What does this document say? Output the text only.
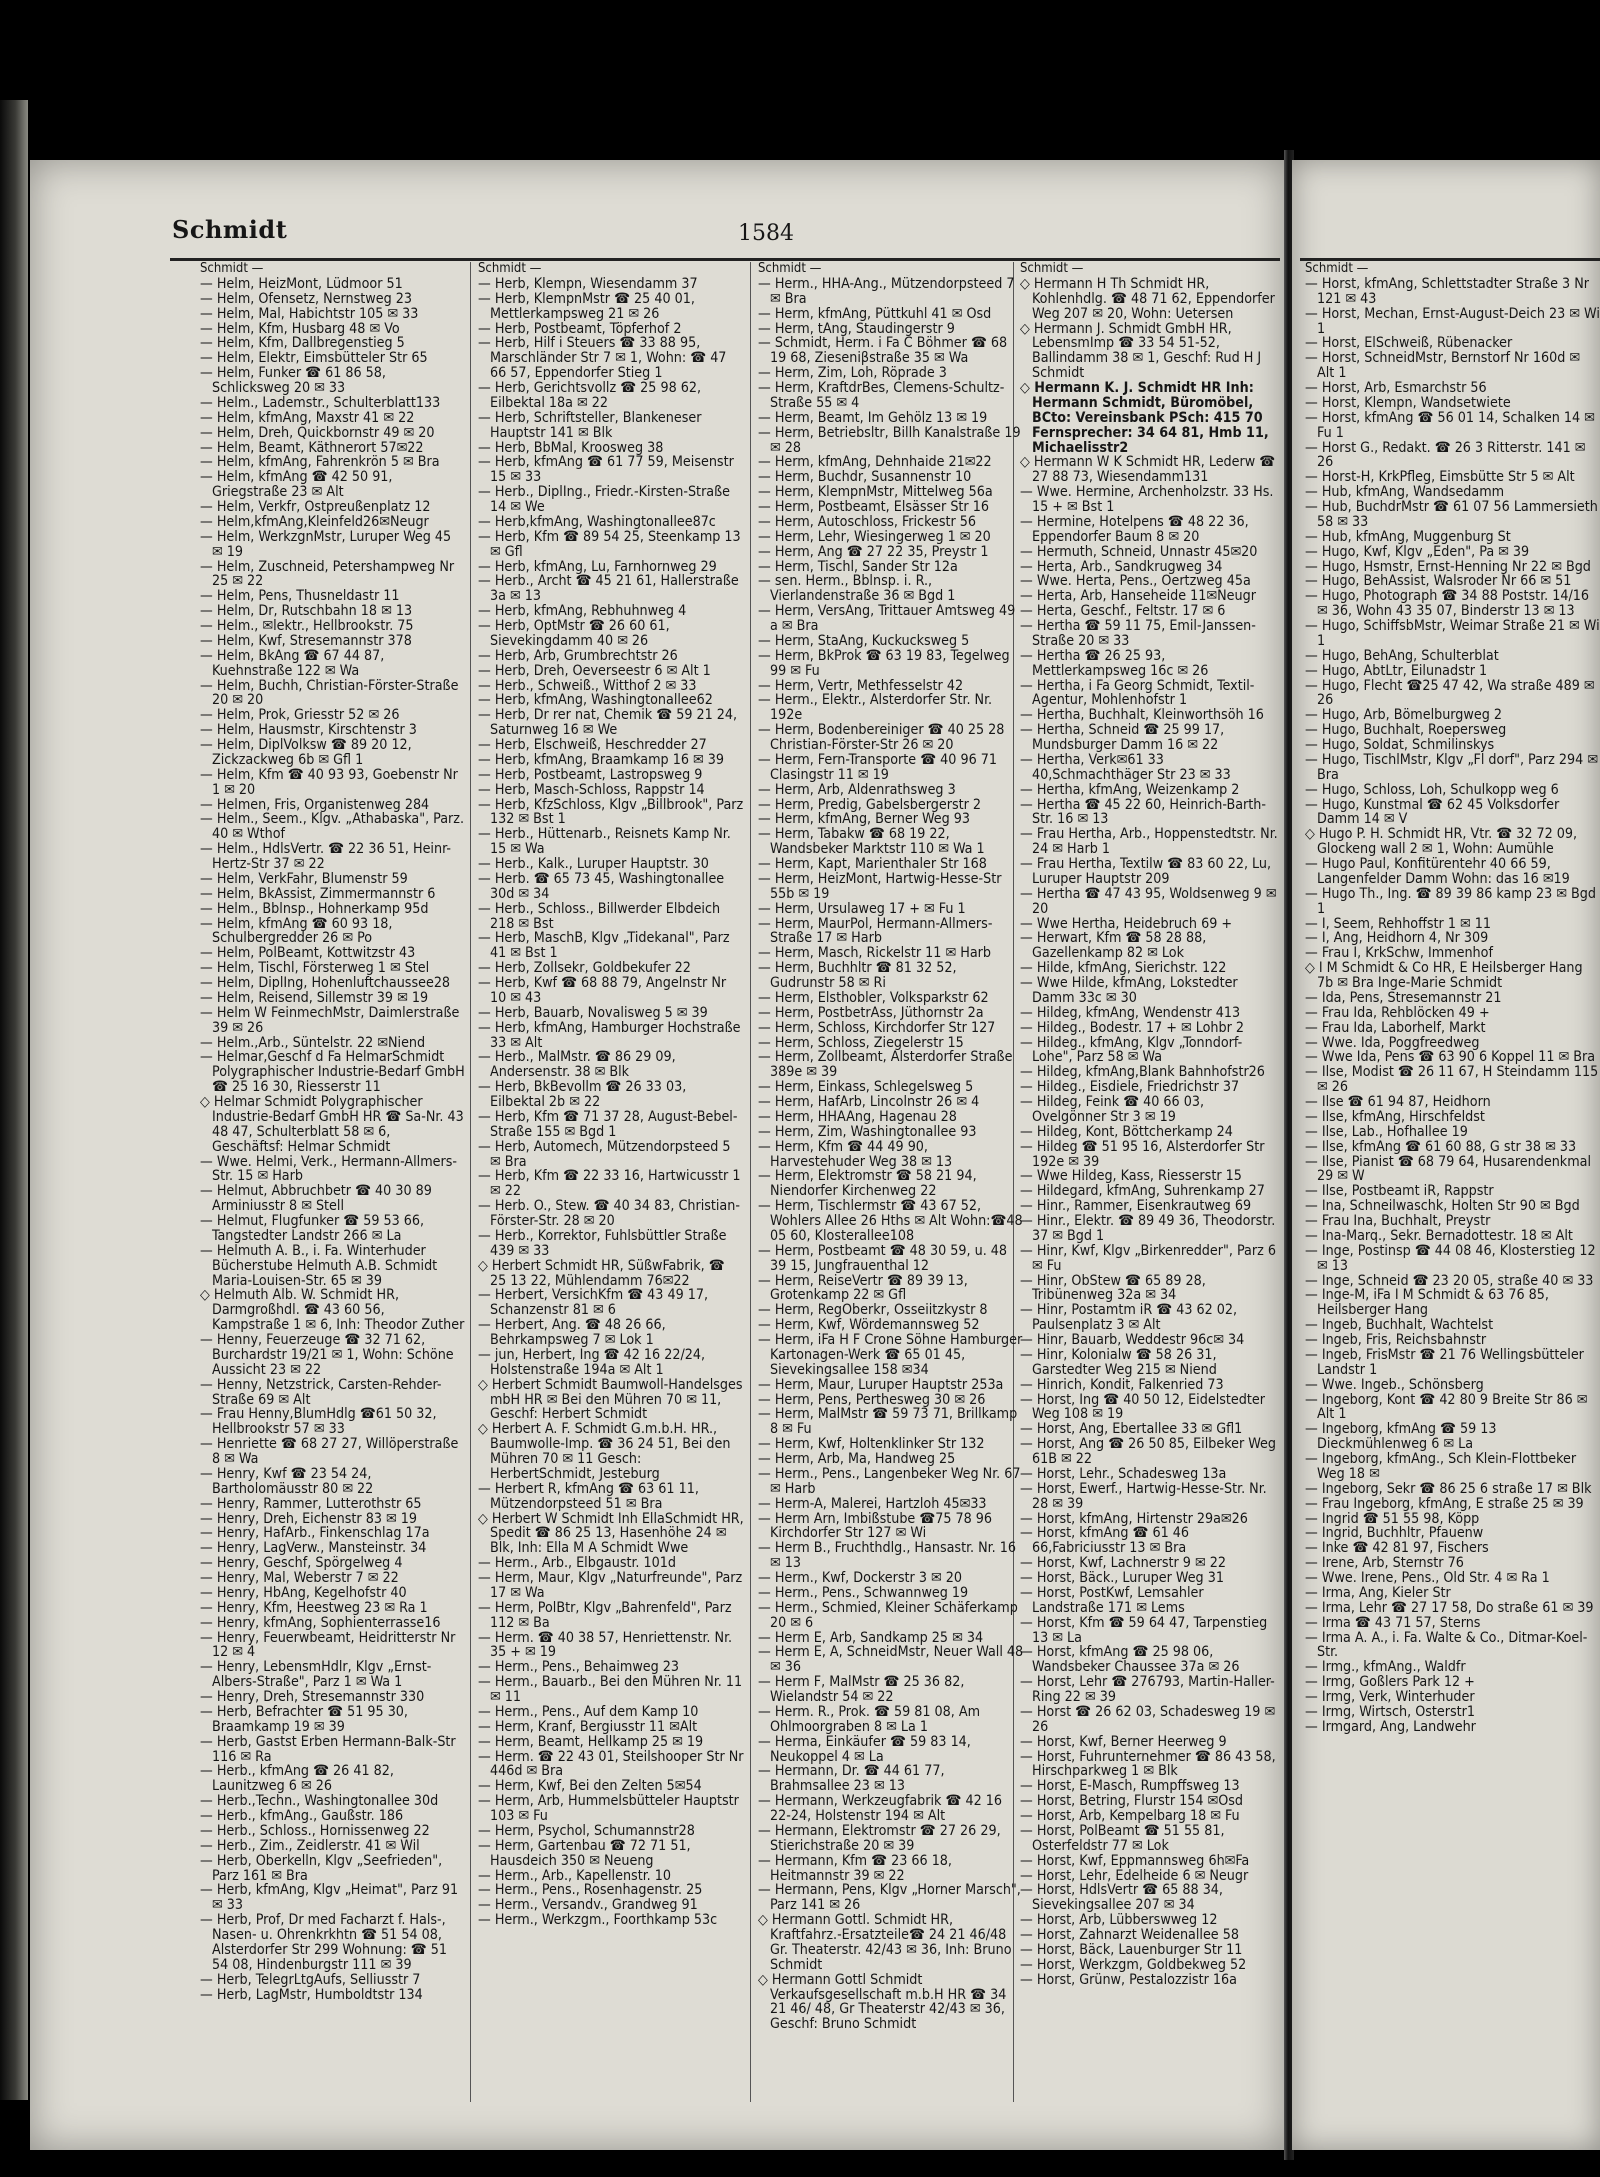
Schmidt	1584
Schmidt —
— Helm, HeizMont, Lüdmoor 51
— Helm, Ofensetz, Nernstweg 23
— Helm, Mal, Habichtstr 105 ✉ 33
— Helm, Kfm, Husbarg 48 ✉ Vo
— Helm, Kfm, Dallbregenstieg 5
— Helm, Elektr, Eimsbütteler Str 65
— Helm, Funker ☎ 61 86 58, Schlicksweg 20 ✉ 33
— Helm., Lademstr., Schulterblatt133
— Helm, kfmAng, Maxstr 41 ✉ 22
— Helm, Dreh, Quickbornstr 49 ✉ 20
— Helm, Beamt, Käthnerort 57✉22
— Helm, kfmAng, Fahrenkrön 5 ✉ Bra
— Helm, kfmAng ☎ 42 50 91, Griegstraße 23 ✉ Alt
— Helm, Verkfr, Ostpreußenplatz 12
— Helm,kfmAng,Kleinfeld26✉Neugr
— Helm, WerkzgnMstr, Luruper Weg 45 ✉ 19
— Helm, Zuschneid, Petershampweg Nr 25 ✉ 22
— Helm, Pens, Thusneldastr 11
— Helm, Dr, Rutschbahn 18 ✉ 13
— Helm., ✉lektr., Hellbrookstr. 75
— Helm, Kwf, Stresemannstr 378
— Helm, BkAng ☎ 67 44 87, Kuehnstraße 122 ✉ Wa
— Helm, Buchh, Christian-Förster-Straße 20 ✉ 20
— Helm, Prok, Griesstr 52 ✉ 26
— Helm, Hausmstr, Kirschtenstr 3
— Helm, DiplVolksw ☎ 89 20 12, Zickzackweg 6b ✉ Gfl 1
— Helm, Kfm ☎ 40 93 93, Goebenstr Nr 1 ✉ 20
— Helmen, Fris, Organistenweg 284
— Helm., Seem., Klgv. „Athabaska", Parz. 40 ✉ Wthof
— Helm., HdlsVertr. ☎ 22 36 51, Heinr-Hertz-Str 37 ✉ 22
— Helm, VerkFahr, Blumenstr 59
— Helm, BkAssist, Zimmermannstr 6
— Helm., Bblnsp., Hohnerkamp 95d
— Helm, kfmAng ☎ 60 93 18, Schulbergredder 26 ✉ Po
— Helm, PolBeamt, Kottwitzstr 43
— Helm, Tischl, Försterweg 1 ✉ Stel
— Helm, DiplIng, Hohenluftchaussee28
— Helm, Reisend, Sillemstr 39 ✉ 19
— Helm W FeinmechMstr, Daimlerstraße 39 ✉ 26
— Helm.,Arb., Süntelstr. 22 ✉Niend
— Helmar,Geschf d Fa HelmarSchmidt Polygraphischer Industrie-Bedarf GmbH ☎ 25 16 30, Riesserstr 11
◇ Helmar Schmidt Polygraphischer Industrie-Bedarf GmbH HR ☎ Sa-Nr. 43 48 47, Schulterblatt 58 ✉ 6, Geschäftsf: Helmar Schmidt
— Wwe. Helmi, Verk., Hermann-Allmers-Str. 15 ✉ Harb
— Helmut, Abbruchbetr ☎ 40 30 89 Arminiusstr 8 ✉ Stell
— Helmut, Flugfunker ☎ 59 53 66, Tangstedter Landstr 266 ✉ La
— Helmuth A. B., i. Fa. Winterhuder Bücherstube Helmuth A.B. Schmidt Maria-Louisen-Str. 65 ✉ 39
◇ Helmuth Alb. W. Schmidt HR, Darmgroßhdl. ☎ 43 60 56, Kampstraße 1 ✉ 6, Inh: Theodor Zuther
— Henny, Feuerzeuge ☎ 32 71 62, Burchardstr 19/21 ✉ 1, Wohn: Schöne Aussicht 23 ✉ 22
— Henny, Netzstrick, Carsten-Rehder-Straße 69 ✉ Alt
— Frau Henny,BlumHdlg ☎61 50 32, Hellbrookstr 57 ✉ 33
— Henriette ☎ 68 27 27, Willöperstraße 8 ✉ Wa
— Henry, Kwf ☎ 23 54 24, Bartholomäusstr 80 ✉ 22
— Henry, Rammer, Lutterothstr 65
— Henry, Dreh, Eichenstr 83 ✉ 19
— Henry, HafArb., Finkenschlag 17a
— Henry, LagVerw., Mansteinstr. 34
— Henry, Geschf, Spörgelweg 4
— Henry, Mal, Weberstr 7 ✉ 22
— Henry, HbAng, Kegelhofstr 40
— Henry, Kfm, Heestweg 23 ✉ Ra 1
— Henry, kfmAng, Sophienterrasse16
— Henry, Feuerwbeamt, Heidritterstr Nr 12 ✉ 4
— Henry, LebensmHdlr, Klgv „Ernst-Albers-Straße", Parz 1 ✉ Wa 1
— Henry, Dreh, Stresemannstr 330
— Herb, Befrachter ☎ 51 95 30, Braamkamp 19 ✉ 39
— Herb, Gastst Erben Hermann-Balk-Str 116 ✉ Ra
— Herb., kfmAng ☎ 26 41 82, Launitzweg 6 ✉ 26
— Herb.,Techn., Washingtonallee 30d
— Herb., kfmAng., Gaußstr. 186
— Herb., Schloss., Hornissenweg 22
— Herb., Zim., Zeidlerstr. 41 ✉ Wil
— Herb, Oberkelln, Klgv „Seefrieden", Parz 161 ✉ Bra
— Herb, kfmAng, Klgv „Heimat", Parz 91 ✉ 33
— Herb, Prof, Dr med Facharzt f. Hals-, Nasen- u. Ohrenkrkhtn ☎ 51 54 08, Alsterdorfer Str 299 Wohnung: ☎ 51 54 08, Hindenburgstr 111 ✉ 39
— Herb, TelegrLtgAufs, Selliusstr 7
— Herb, LagMstr, Humboldtstr 134
Schmidt —
— Herb, Klempn, Wiesendamm 37
— Herb, KlempnMstr ☎ 25 40 01, Mettlerkampsweg 21 ✉ 26
— Herb, Postbeamt, Töpferhof 2
— Herb, Hilf i Steuers ☎ 33 88 95, Marschländer Str 7 ✉ 1, Wohn: ☎ 47 66 57, Eppendorfer Stieg 1
— Herb, Gerichtsvollz ☎ 25 98 62, Eilbektal 18a ✉ 22
— Herb, Schriftsteller, Blankeneser Hauptstr 141 ✉ Blk
— Herb, BbMal, Kroosweg 38
— Herb, kfmAng ☎ 61 77 59, Meisenstr 15 ✉ 33
— Herb., DiplIng., Friedr.-Kirsten-Straße 14 ✉ We
— Herb,kfmAng, Washingtonallee87c
— Herb, Kfm ☎ 89 54 25, Steenkamp 13 ✉ Gfl
— Herb, kfmAng, Lu, Farnhornweg 29
— Herb., Archt ☎ 45 21 61, Hallerstraße 3a ✉ 13
— Herb, kfmAng, Rebhuhnweg 4
— Herb, OptMstr ☎ 26 60 61, Sievekingdamm 40 ✉ 26
— Herb, Arb, Grumbrechtstr 26
— Herb, Dreh, Oeverseestr 6 ✉ Alt 1
— Herb., Schweiß., Witthof 2 ✉ 33
— Herb, kfmAng, Washingtonallee62
— Herb, Dr rer nat, Chemik ☎ 59 21 24, Saturnweg 16 ✉ We
— Herb, Elschweiß, Heschredder 27
— Herb, kfmAng, Braamkamp 16 ✉ 39
— Herb, Postbeamt, Lastropsweg 9
— Herb, Masch-Schloss, Rappstr 14
— Herb, KfzSchloss, Klgv „Billbrook", Parz 132 ✉ Bst 1
— Herb., Hüttenarb., Reisnets Kamp Nr. 15 ✉ Wa
— Herb., Kalk., Luruper Hauptstr. 30
— Herb. ☎ 65 73 45, Washingtonallee 30d ✉ 34
— Herb., Schloss., Billwerder Elbdeich 218 ✉ Bst
— Herb, MaschB, Klgv „Tidekanal", Parz 41 ✉ Bst 1
— Herb, Zollsekr, Goldbekufer 22
— Herb, Kwf ☎ 68 88 79, Angelnstr Nr 10 ✉ 43
— Herb, Bauarb, Novalisweg 5 ✉ 39
— Herb, kfmAng, Hamburger Hochstraße 33 ✉ Alt
— Herb., MalMstr. ☎ 86 29 09, Andersenstr. 38 ✉ Blk
— Herb, BkBevollm ☎ 26 33 03, Eilbektal 2b ✉ 22
— Herb, Kfm ☎ 71 37 28, August-Bebel-Straße 155 ✉ Bgd 1
— Herb, Automech, Mützendorpsteed 5 ✉ Bra
— Herb, Kfm ☎ 22 33 16, Hartwicusstr 1 ✉ 22
— Herb. O., Stew. ☎ 40 34 83, Christian-Förster-Str. 28 ✉ 20
— Herb., Korrektor, Fuhlsbüttler Straße 439 ✉ 33
◇ Herbert Schmidt HR, SüßwFabrik, ☎ 25 13 22, Mühlendamm 76✉22
— Herbert, VersichKfm ☎ 43 49 17, Schanzenstr 81 ✉ 6
— Herbert, Ang. ☎ 48 26 66, Behrkampsweg 7 ✉ Lok 1
— jun, Herbert, Ing ☎ 42 16 22/24, Holstenstraße 194a ✉ Alt 1
◇ Herbert Schmidt Baumwoll-Handelsges mbH HR ✉ Bei den Mühren 70 ✉ 11, Geschf: Herbert Schmidt
◇ Herbert A. F. Schmidt G.m.b.H. HR., Baumwolle-Imp. ☎ 36 24 51, Bei den Mühren 70 ✉ 11 Gesch: HerbertSchmidt, Jesteburg
— Herbert R, kfmAng ☎ 63 61 11, Mützendorpsteed 51 ✉ Bra
◇ Herbert W Schmidt Inh EllaSchmidt HR, Spedit ☎ 86 25 13, Hasenhöhe 24 ✉ Blk, Inh: Ella M A Schmidt Wwe
— Herm., Arb., Elbgaustr. 101d
— Herm, Maur, Klgv „Naturfreunde", Parz 17 ✉ Wa
— Herm, PolBtr, Klgv „Bahrenfeld", Parz 112 ✉ Ba
— Herm. ☎ 40 38 57, Henriettenstr. Nr. 35 + ✉ 19
— Herm., Pens., Behaimweg 23
— Herm., Bauarb., Bei den Mühren Nr. 11 ✉ 11
— Herm., Pens., Auf dem Kamp 10
— Herm, Kranf, Bergiusstr 11 ✉Alt
— Herm, Beamt, Hellkamp 25 ✉ 19
— Herm. ☎ 22 43 01, Steilshooper Str Nr 446d ✉ Bra
— Herm, Kwf, Bei den Zelten 5✉54
— Herm, Arb, Hummelsbütteler Hauptstr 103 ✉ Fu
— Herm, Psychol, Schumannstr28
— Herm, Gartenbau ☎ 72 71 51, Hausdeich 350 ✉ Neueng
— Herm., Arb., Kapellenstr. 10
— Herm., Pens., Rosenhagenstr. 25
— Herm., Versandv., Grandweg 91
— Herm., Werkzgm., Foorthkamp 53c
Schmidt —
— Herm., HHA-Ang., Mützendorpsteed 7 ✉ Bra
— Herm, kfmAng, Püttkuhl 41 ✉ Osd
— Herm, tAng, Staudingerstr 9
— Schmidt, Herm. i Fa C Böhmer ☎ 68 19 68, Zieseniβstraße 35 ✉ Wa
— Herm, Zim, Loh, Röprade 3
— Herm, KraftdrBes, Clemens-Schultz-Straße 55 ✉ 4
— Herm, Beamt, Im Gehölz 13 ✉ 19
— Herm, Betriebsltr, Billh Kanalstraße 19 ✉ 28
— Herm, kfmAng, Dehnhaide 21✉22
— Herm, Buchdr, Susannenstr 10
— Herm, KlempnMstr, Mittelweg 56a
— Herm, Postbeamt, Elsässer Str 16
— Herm, Autoschloss, Frickestr 56
— Herm, Lehr, Wiesingerweg 1 ✉ 20
— Herm, Ang ☎ 27 22 35, Preystr 1
— Herm, Tischl, Sander Str 12a
— sen. Herm., Bblnsp. i. R., Vierlandenstraße 36 ✉ Bgd 1
— Herm, VersAng, Trittauer Amtsweg 49 a ✉ Bra
— Herm, StaAng, Kuckucksweg 5
— Herm, BkProk ☎ 63 19 83, Tegelweg 99 ✉ Fu
— Herm, Vertr, Methfesselstr 42
— Herm., Elektr., Alsterdorfer Str. Nr. 192e
— Herm, Bodenbereiniger ☎ 40 25 28 Christian-Förster-Str 26 ✉ 20
— Herm, Fern-Transporte ☎ 40 96 71 Clasingstr 11 ✉ 19
— Herm, Arb, Aldenrathsweg 3
— Herm, Predig, Gabelsbergerstr 2
— Herm, kfmAng, Berner Weg 93
— Herm, Tabakw ☎ 68 19 22, Wandsbeker Marktstr 110 ✉ Wa 1
— Herm, Kapt, Marienthaler Str 168
— Herm, HeizMont, Hartwig-Hesse-Str 55b ✉ 19
— Herm, Ursulaweg 17 + ✉ Fu 1
— Herm, MaurPol, Hermann-Allmers-Straße 17 ✉ Harb
— Herm, Masch, Rickelstr 11 ✉ Harb
— Herm, Buchhltr ☎ 81 32 52, Gudrunstr 58 ✉ Ri
— Herm, Elsthobler, Volksparkstr 62
— Herm, PostbetrAss, Jüthornstr 2a
— Herm, Schloss, Kirchdorfer Str 127
— Herm, Schloss, Ziegelerstr 15
— Herm, Zollbeamt, Alsterdorfer Straße 389e ✉ 39
— Herm, Einkass, Schlegelsweg 5
— Herm, HafArb, Lincolnstr 26 ✉ 4
— Herm, HHAAng, Hagenau 28
— Herm, Zim, Washingtonallee 93
— Herm, Kfm ☎ 44 49 90, Harvestehuder Weg 38 ✉ 13
— Herm, Elektromstr ☎ 58 21 94, Niendorfer Kirchenweg 22
— Herm, Tischlermstr ☎ 43 67 52, Wohlers Allee 26 Hths ✉ Alt Wohn:☎48 05 60, Klosterallee108
— Herm, Postbeamt ☎ 48 30 59, u. 48 39 15, Jungfrauenthal 12
— Herm, ReiseVertr ☎ 89 39 13, Grotenkamp 22 ✉ Gfl
— Herm, RegOberkr, Osseiitzkystr 8
— Herm, Kwf, Wördemannsweg 52
— Herm, iFa H F Crone Söhne Hamburger Kartonagen-Werk ☎ 65 01 45, Sievekingsallee 158 ✉34
— Herm, Maur, Luruper Hauptstr 253a
— Herm, Pens, Perthesweg 30 ✉ 26
— Herm, MalMstr ☎ 59 73 71, Brillkamp 8 ✉ Fu
— Herm, Kwf, Holtenklinker Str 132
— Herm, Arb, Ma, Handweg 25
— Herm., Pens., Langenbeker Weg Nr. 67 ✉ Harb
— Herm-A, Malerei, Hartzloh 45✉33
— Herm Arn, Imbißstube ☎75 78 96 Kirchdorfer Str 127 ✉ Wi
— Herm B., Fruchthdlg., Hansastr. Nr. 16 ✉ 13
— Herm., Kwf, Dockerstr 3 ✉ 20
— Herm., Pens., Schwannweg 19
— Herm., Schmied, Kleiner Schäferkamp 20 ✉ 6
— Herm E, Arb, Sandkamp 25 ✉ 34
— Herm E, A, SchneidMstr, Neuer Wall 48 ✉ 36
— Herm F, MalMstr ☎ 25 36 82, Wielandstr 54 ✉ 22
— Herm. R., Prok. ☎ 59 81 08, Am Ohlmoorgraben 8 ✉ La 1
— Herma, Einkäufer ☎ 59 83 14, Neukoppel 4 ✉ La
— Hermann, Dr. ☎ 44 61 77, Brahmsallee 23 ✉ 13
— Hermann, Werkzeugfabrik ☎ 42 16 22-24, Holstenstr 194 ✉ Alt
— Hermann, Elektromstr ☎ 27 26 29, Stierichstraße 20 ✉ 39
— Hermann, Kfm ☎ 23 66 18, Heitmannstr 39 ✉ 22
— Hermann, Pens, Klgv „Horner Marsch", Parz 141 ✉ 26
◇ Hermann Gottl. Schmidt HR, Kraftfahrz.-Ersatzteile☎ 24 21 46/48 Gr. Theaterstr. 42/43 ✉ 36, Inh: Bruno Schmidt
◇ Hermann Gottl Schmidt Verkaufsgesellschaft m.b.H HR ☎ 34 21 46/ 48, Gr Theaterstr 42/43 ✉ 36, Geschf: Bruno Schmidt
Schmidt —
◇ Hermann H Th Schmidt HR, Kohlenhdlg. ☎ 48 71 62, Eppendorfer Weg 207 ✉ 20, Wohn: Uetersen
◇ Hermann J. Schmidt GmbH HR, LebensmImp ☎ 33 54 51-52, Ballindamm 38 ✉ 1, Geschf: Rud H J Schmidt
◇ Hermann K. J. Schmidt HR Inh: Hermann Schmidt, Büromöbel, BCto: Vereinsbank PSch: 415 70 Fernsprecher: 34 64 81, Hmb 11, Michaelisstr2
◇ Hermann W K Schmidt HR, Lederw ☎ 27 88 73, Wiesendamm131
— Wwe. Hermine, Archenholzstr. 33 Hs. 15 + ✉ Bst 1
— Hermine, Hotelpens ☎ 48 22 36, Eppendorfer Baum 8 ✉ 20
— Hermuth, Schneid, Unnastr 45✉20
— Herta, Arb., Sandkrugweg 34
— Wwe. Herta, Pens., Oertzweg 45a
— Herta, Arb, Hanseheide 11✉Neugr
— Herta, Geschf., Feltstr. 17 ✉ 6
— Hertha ☎ 59 11 75, Emil-Janssen-Straße 20 ✉ 33
— Hertha ☎ 26 25 93, Mettlerkampsweg 16c ✉ 26
— Hertha, i Fa Georg Schmidt, Textil-Agentur, Mohlenhofstr 1
— Hertha, Buchhalt, Kleinworthsöh 16
— Hertha, Schneid ☎ 25 99 17, Mundsburger Damm 16 ✉ 22
— Hertha, Verk✉61 33 40,Schmachthäger Str 23 ✉ 33
— Hertha, kfmAng, Weizenkamp 2
— Hertha ☎ 45 22 60, Heinrich-Barth-Str. 16 ✉ 13
— Frau Hertha, Arb., Hoppenstedtstr. Nr. 24 ✉ Harb 1
— Frau Hertha, Textilw ☎ 83 60 22, Lu, Luruper Hauptstr 209
— Hertha ☎ 47 43 95, Woldsenweg 9 ✉ 20
— Wwe Hertha, Heidebruch 69 +
— Herwart, Kfm ☎ 58 28 88, Gazellenkamp 82 ✉ Lok
— Hilde, kfmAng, Sierichstr. 122
— Wwe Hilde, kfmAng, Lokstedter Damm 33c ✉ 30
— Hildeg, kfmAng, Wendenstr 413
— Hildeg., Bodestr. 17 + ✉ Lohbr 2
— Hildeg., kfmAng, Klgv „Tonndorf-Lohe", Parz 58 ✉ Wa
— Hildeg, kfmAng,Blank Bahnhofstr26
— Hildeg., Eisdiele, Friedrichstr 37
— Hildeg, Feink ☎ 40 66 03, Ovelgönner Str 3 ✉ 19
— Hildeg, Kont, Böttcherkamp 24
— Hildeg ☎ 51 95 16, Alsterdorfer Str 192e ✉ 39
— Wwe Hildeg, Kass, Riesserstr 15
— Hildegard, kfmAng, Suhrenkamp 27
— Hinr., Rammer, Eisenkrautweg 69
— Hinr., Elektr. ☎ 89 49 36, Theodorstr. 37 ✉ Bgd 1
— Hinr, Kwf, Klgv „Birkenredder", Parz 6 ✉ Fu
— Hinr, ObStew ☎ 65 89 28, Tribünenweg 32a ✉ 34
— Hinr, Postamtm iR ☎ 43 62 02, Paulsenplatz 3 ✉ Alt
— Hinr, Bauarb, Weddestr 96c✉ 34
— Hinr, Kolonialw ☎ 58 26 31, Garstedter Weg 215 ✉ Niend
— Hinrich, Kondit, Falkenried 73
— Horst, Ing ☎ 40 50 12, Eidelstedter Weg 108 ✉ 19
— Horst, Ang, Ebertallee 33 ✉ Gfl1
— Horst, Ang ☎ 26 50 85, Eilbeker Weg 61B ✉ 22
— Horst, Lehr., Schadesweg 13a
— Horst, Ewerf., Hartwig-Hesse-Str. Nr. 28 ✉ 39
— Horst, kfmAng, Hirtenstr 29a✉26
— Horst, kfmAng ☎ 61 46 66,Fabriciusstr 13 ✉ Bra
— Horst, Kwf, Lachnerstr 9 ✉ 22
— Horst, Bäck., Luruper Weg 31
— Horst, PostKwf, Lemsahler Landstraße 171 ✉ Lems
— Horst, Kfm ☎ 59 64 47, Tarpenstieg 13 ✉ La
— Horst, kfmAng ☎ 25 98 06, Wandsbeker Chaussee 37a ✉ 26
— Horst, Lehr ☎ 276793, Martin-Haller-Ring 22 ✉ 39
— Horst ☎ 26 62 03, Schadesweg 19 ✉ 26
— Horst, Kwf, Berner Heerweg 9
— Horst, Fuhrunternehmer ☎ 86 43 58, Hirschparkweg 1 ✉ Blk
— Horst, E-Masch, Rumpffsweg 13
— Horst, Betring, Flurstr 154 ✉Osd
— Horst, Arb, Kempelbarg 18 ✉ Fu
— Horst, PolBeamt ☎ 51 55 81, Osterfeldstr 77 ✉ Lok
— Horst, Kwf, Eppmannsweg 6h✉Fa
— Horst, Lehr, Edelheide 6 ✉ Neugr
— Horst, HdlsVertr ☎ 65 88 34, Sievekingsallee 207 ✉ 34
— Horst, Arb, Lübberswweg 12
— Horst, Zahnarzt Weidenallee 58
— Horst, Bäck, Lauenburger Str 11
— Horst, Werkzgm, Goldbekweg 52
— Horst, Grünw, Pestalozzistr 16a
Schmidt —
— Horst, kfmAng, Schlettstadter Straße 3 Nr 121 ✉ 43
— Horst, Mechan, Ernst-August-Deich 23 ✉ Wi 1
— Horst, ElSchweiß, Rübenacker
— Horst, SchneidMstr, Bernstorf Nr 160d ✉ Alt 1
— Horst, Arb, Esmarchstr 56
— Horst, Klempn, Wandsetwiete
— Horst, kfmAng ☎ 56 01 14, Schalken 14 ✉ Fu 1
— Horst G., Redakt. ☎ 26 3 Ritterstr. 141 ✉ 26
— Horst-H, KrkPfleg, Eimsbütte Str 5 ✉ Alt
— Hub, kfmAng, Wandsedamm
— Hub, BuchdrMstr ☎ 61 07 56 Lammersieth 58 ✉ 33
— Hub, kfmAng, Muggenburg St
— Hugo, Kwf, Klgv „Eden", Pa ✉ 39
— Hugo, Hsmstr, Ernst-Henning Nr 22 ✉ Bgd
— Hugo, BehAssist, Walsroder Nr 66 ✉ 51
— Hugo, Photograph ☎ 34 88 Poststr. 14/16 ✉ 36, Wohn 43 35 07, Binderstr 13 ✉ 13
— Hugo, SchiffsbMstr, Weimar Straße 21 ✉ Wi 1
— Hugo, BehAng, Schulterblat
— Hugo, AbtLtr, Eilunadstr 1
— Hugo, Flecht ☎25 47 42, Wa straße 489 ✉ 26
— Hugo, Arb, Bömelburgweg 2
— Hugo, Buchhalt, Roepersweg
— Hugo, Soldat, Schmilinskys
— Hugo, TischlMstr, Klgv „Fl dorf", Parz 294 ✉ Bra
— Hugo, Schloss, Loh, Schulkopp weg 6
— Hugo, Kunstmal ☎ 62 45 Volksdorfer Damm 14 ✉ V
◇ Hugo P. H. Schmidt HR, Vtr. ☎ 32 72 09, Glockeng wall 2 ✉ 1, Wohn: Aumühle
— Hugo Paul, Konfitürentehr 40 66 59, Langenfelder Damm Wohn: das 16 ✉19
— Hugo Th., Ing. ☎ 89 39 86 kamp 23 ✉ Bgd 1
— I, Seem, Rehhoffstr 1 ✉ 11
— I, Ang, Heidhorn 4, Nr 309
— Frau I, KrkSchw, Immenhof
◇ I M Schmidt & Co HR, E Heilsberger Hang 7b ✉ Bra Inge-Marie Schmidt
— Ida, Pens, Stresemannstr 21
— Frau Ida, Rehblöcken 49 +
— Frau Ida, Laborhelf, Markt
— Wwe. Ida, Poggfreedweg
— Wwe Ida, Pens ☎ 63 90 6 Koppel 11 ✉ Bra
— Ilse, Modist ☎ 26 11 67, H Steindamm 115 ✉ 26
— Ilse ☎ 61 94 87, Heidhorn
— Ilse, kfmAng, Hirschfeldst
— Ilse, Lab., Hofhallee 19
— Ilse, kfmAng ☎ 61 60 88, G str 38 ✉ 33
— Ilse, Pianist ☎ 68 79 64, Husarendenkmal 29 ✉ W
— Ilse, Postbeamt iR, Rappstr
— Ina, Schneilwaschk, Holten Str 90 ✉ Bgd
— Frau Ina, Buchhalt, Preystr
— Ina-Marq., Sekr. Bernadottestr. 18 ✉ Alt
— Inge, Postinsp ☎ 44 08 46, Klosterstieg 12 ✉ 13
— Inge, Schneid ☎ 23 20 05, straße 40 ✉ 33
— Inge-M, iFa I M Schmidt & 63 76 85, Heilsberger Hang
— Ingeb, Buchhalt, Wachtelst
— Ingeb, Fris, Reichsbahnstr
— Ingeb, FrisMstr ☎ 21 76 Wellingsbütteler Landstr 1
— Wwe. Ingeb., Schönsberg
— Ingeborg, Kont ☎ 42 80 9 Breite Str 86 ✉ Alt 1
— Ingeborg, kfmAng ☎ 59 13 Dieckmühlenweg 6 ✉ La
— Ingeborg, kfmAng., Sch Klein-Flottbeker Weg 18 ✉
— Ingeborg, Sekr ☎ 86 25 6 straße 17 ✉ Blk
— Frau Ingeborg, kfmAng, E straße 25 ✉ 39
— Ingrid ☎ 51 55 98, Köpp
— Ingrid, Buchhltr, Pfauenw
— Inke ☎ 42 81 97, Fischers
— Irene, Arb, Sternstr 76
— Wwe. Irene, Pens., Old Str. 4 ✉ Ra 1
— Irma, Ang, Kieler Str
— Irma, Lehr ☎ 27 17 58, Do straße 61 ✉ 39
— Irma ☎ 43 71 57, Sterns
— Irma A. A., i. Fa. Walte & Co., Ditmar-Koel-Str.
— Irmg., kfmAng., Waldfr
— Irmg, Goßlers Park 12 +
— Irmg, Verk, Winterhuder
— Irmg, Wirtsch, Osterstr1
— Irmgard, Ang, Landwehr
